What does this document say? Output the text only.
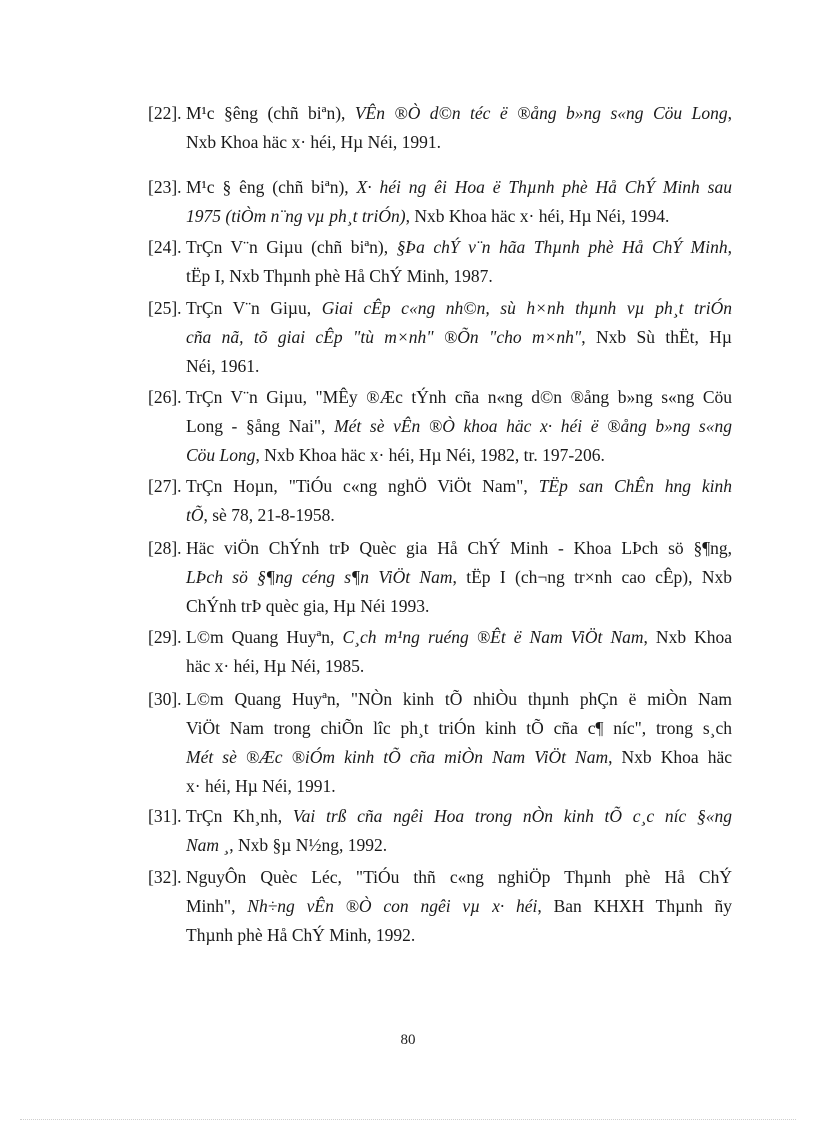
[22]. M¹c §êng (chñ biªn), VÊn ®Ò d©n téc ë ®ång b»ng s«ng Cöu Long,
Nxb Khoa häc x· héi, Hµ Néi, 1991.
[23]. M¹c § êng (chñ biªn), X· héi ng êi Hoa ë Thµnh phè Hå ChÝ Minh sau
1975 (tiÒm n¨ng vµ ph¸t triÓn), Nxb Khoa häc x· héi, Hµ Néi, 1994.
[24]. TrÇn V¨n Giµu (chñ biªn), §Þa chÝ v¨n hãa Thµnh phè Hå ChÝ Minh,
tËp I, Nxb Thµnh phè Hå ChÝ Minh, 1987.
[25]. TrÇn V¨n Giµu, Giai cÊp c«ng nh©n, sù h×nh thµnh vµ ph¸t triÓn
cña nã, tõ giai cÊp "tù m×nh" ®Õn "cho m×nh", Nxb Sù thËt, Hµ
Néi, 1961.
[26]. TrÇn V¨n Giµu, "MÊy ®Æc tÝnh cña n«ng d©n ®ång b»ng s«ng Cöu
Long - §ång Nai", Mét sè vÊn ®Ò khoa häc x· héi ë ®ång b»ng s«ng
Cöu Long, Nxb Khoa häc x· héi, Hµ Néi, 1982, tr. 197-206.
[27]. TrÇn Hoµn, "TiÓu c«ng nghÖ ViÖt Nam", TËp san ChÊn hng kinh
tÕ, sè 78, 21-8-1958.
[28]. Häc viÖn ChÝnh trÞ Quèc gia Hå ChÝ Minh - Khoa LÞch sö §¶ng,
LÞch sö §¶ng céng s¶n ViÖt Nam, tËp I (ch¬ng tr×nh cao cÊp), Nxb
ChÝnh trÞ quèc gia, Hµ Néi 1993.
[29]. L©m Quang Huyªn, C¸ch m¹ng ruéng ®Êt ë Nam ViÖt Nam, Nxb Khoa
häc x· héi, Hµ Néi, 1985.
[30]. L©m Quang Huyªn, "NÒn kinh tÕ nhiÒu thµnh phÇn ë miÒn Nam
ViÖt Nam trong chiÕn lîc ph¸t triÓn kinh tÕ cña c¶ níc", trong s¸ch
Mét sè ®Æc ®iÓm kinh tÕ cña miÒn Nam ViÖt Nam, Nxb Khoa häc
x· héi, Hµ Néi, 1991.
[31]. TrÇn Kh¸nh, Vai trß cña ngêi Hoa trong nÒn kinh tÕ c¸c níc §«ng
Nam ¸, Nxb §µ N½ng, 1992.
[32]. NguyÔn Quèc Léc, "TiÓu thñ c«ng nghiÖp Thµnh phè Hå ChÝ
Minh", Nh÷ng vÊn ®Ò con ngêi vµ x· héi, Ban KHXH Thµnh ñy
Thµnh phè Hå ChÝ Minh, 1992.
80
